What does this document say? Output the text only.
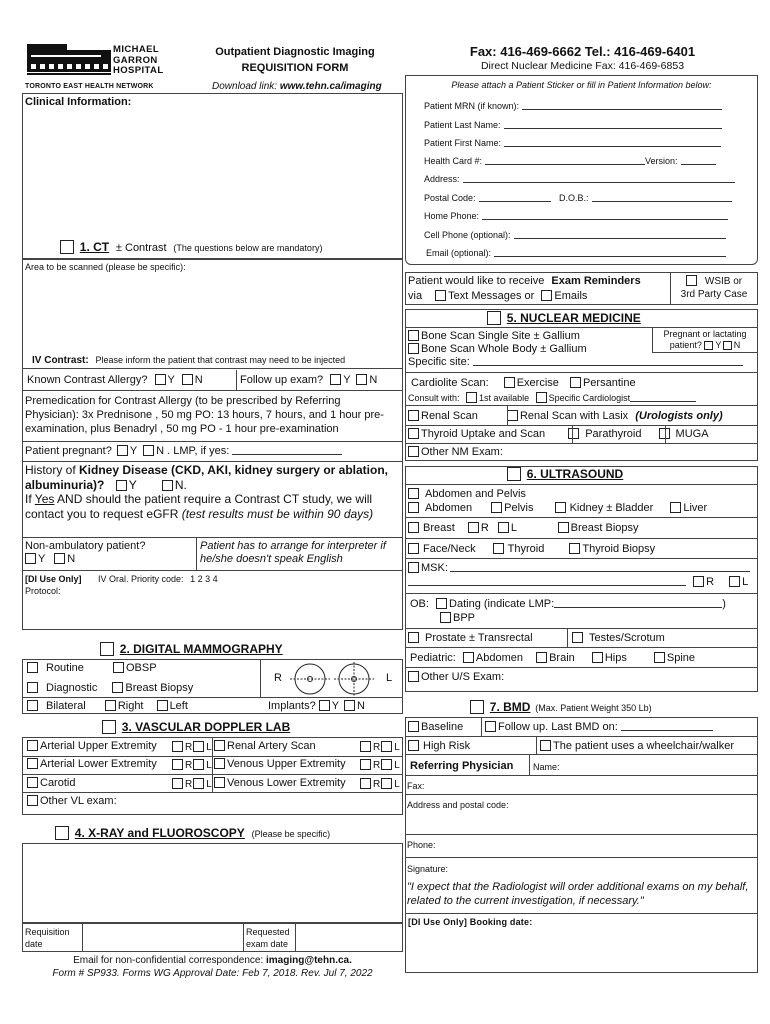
MICHAEL
GARRON
HOSPITAL
TORONTO EAST HEALTH NETWORK
Outpatient Diagnostic Imaging
REQUISITION FORM
Download link: www.tehn.ca/imaging
Fax: 416-469-6662 Tel.: 416-469-6401
Direct Nuclear Medicine Fax: 416-469-6853
Clinical Information:
1. CT ± Contrast (The questions below are mandatory)
Area to be scanned (please be specific):
IV Contrast: Please inform the patient that contrast may need to be injected
Known Contrast Allergy? Y N	Follow up exam? Y N
Premedication for Contrast Allergy (to be prescribed by Referring Physician): 3x Prednisone , 50 mg PO: 13 hours, 7 hours, and 1 hour pre-examination, plus Benadryl , 50 mg PO - 1 hour pre-examination
Patient pregnant? Y N . LMP, if yes:
History of Kidney Disease (CKD, AKI, kidney surgery or ablation, albuminuria)? Y	N.
If Yes AND should the patient require a Contrast CT study, we will contact you to request eGFR (test results must be within 90 days)
Non-ambulatory patient?
Y N
Patient has to arrange for interpreter if he/she doesn't speak English
[DI Use Only] IV Oral. Priority code: 1 2 3 4
Protocol:
2. DIGITAL MAMMOGRAPHY
Routine	OBSP
Diagnostic	Breast Biopsy
Bilateral	Right Left
R	L
Implants? Y N
3. VASCULAR DOPPLER LAB
Arterial Upper Extremity	R L	Renal Artery Scan	R L
Arterial Lower Extremity	R L	Venous Upper Extremity	R L
Carotid	R L	Venous Lower Extremity	R L
Other VL exam:
4. X-RAY and FLUOROSCOPY (Please be specific)
Requisition date
Requested exam date
Email for non-confidential correspondence: imaging@tehn.ca.
Form # SP933. Forms WG Approval Date: Feb 7, 2018. Rev. Jul 7, 2022
Please attach a Patient Sticker or fill in Patient Information below:
Patient MRN (if known):
Patient Last Name:
Patient First Name:
Health Card #:	Version:
Address:
Postal Code:	D.O.B.:
Home Phone:
Cell Phone (optional):
Email (optional):
Patient would like to receive Exam Reminders
via Text Messages or Emails
WSIB or
3rd Party Case
5. NUCLEAR MEDICINE
Bone Scan Single Site ± Gallium
Bone Scan Whole Body ± Gallium
Pregnant or lactating
patient? Y N
Specific site:
Cardiolite Scan:	Exercise Persantine
Consult with: 1st available Specific Cardiologist
Renal Scan	Renal Scan with Lasix (Urologists only)
Thyroid Uptake and Scan	Parathyroid	MUGA
Other NM Exam:
6. ULTRASOUND
Abdomen and Pelvis
Abdomen	Pelvis	Kidney ± Bladder	Liver
Breast R L	Breast Biopsy
Face/Neck	Thyroid	Thyroid Biopsy
MSK:
R	L
OB: Dating (indicate LMP:	)
BPP
Prostate ± Transrectal	Testes/Scrotum
Pediatric: Abdomen Brain	Hips	Spine
Other U/S Exam:
7. BMD (Max. Patient Weight 350 Lb)
Baseline	Follow up. Last BMD on:
High Risk	The patient uses a wheelchair/walker
Referring Physician Name:
Fax:
Address and postal code:
Phone:
Signature:
"I expect that the Radiologist will order additional exams on my behalf, related to the current investigation, if necessary."
[DI Use Only] Booking date:
